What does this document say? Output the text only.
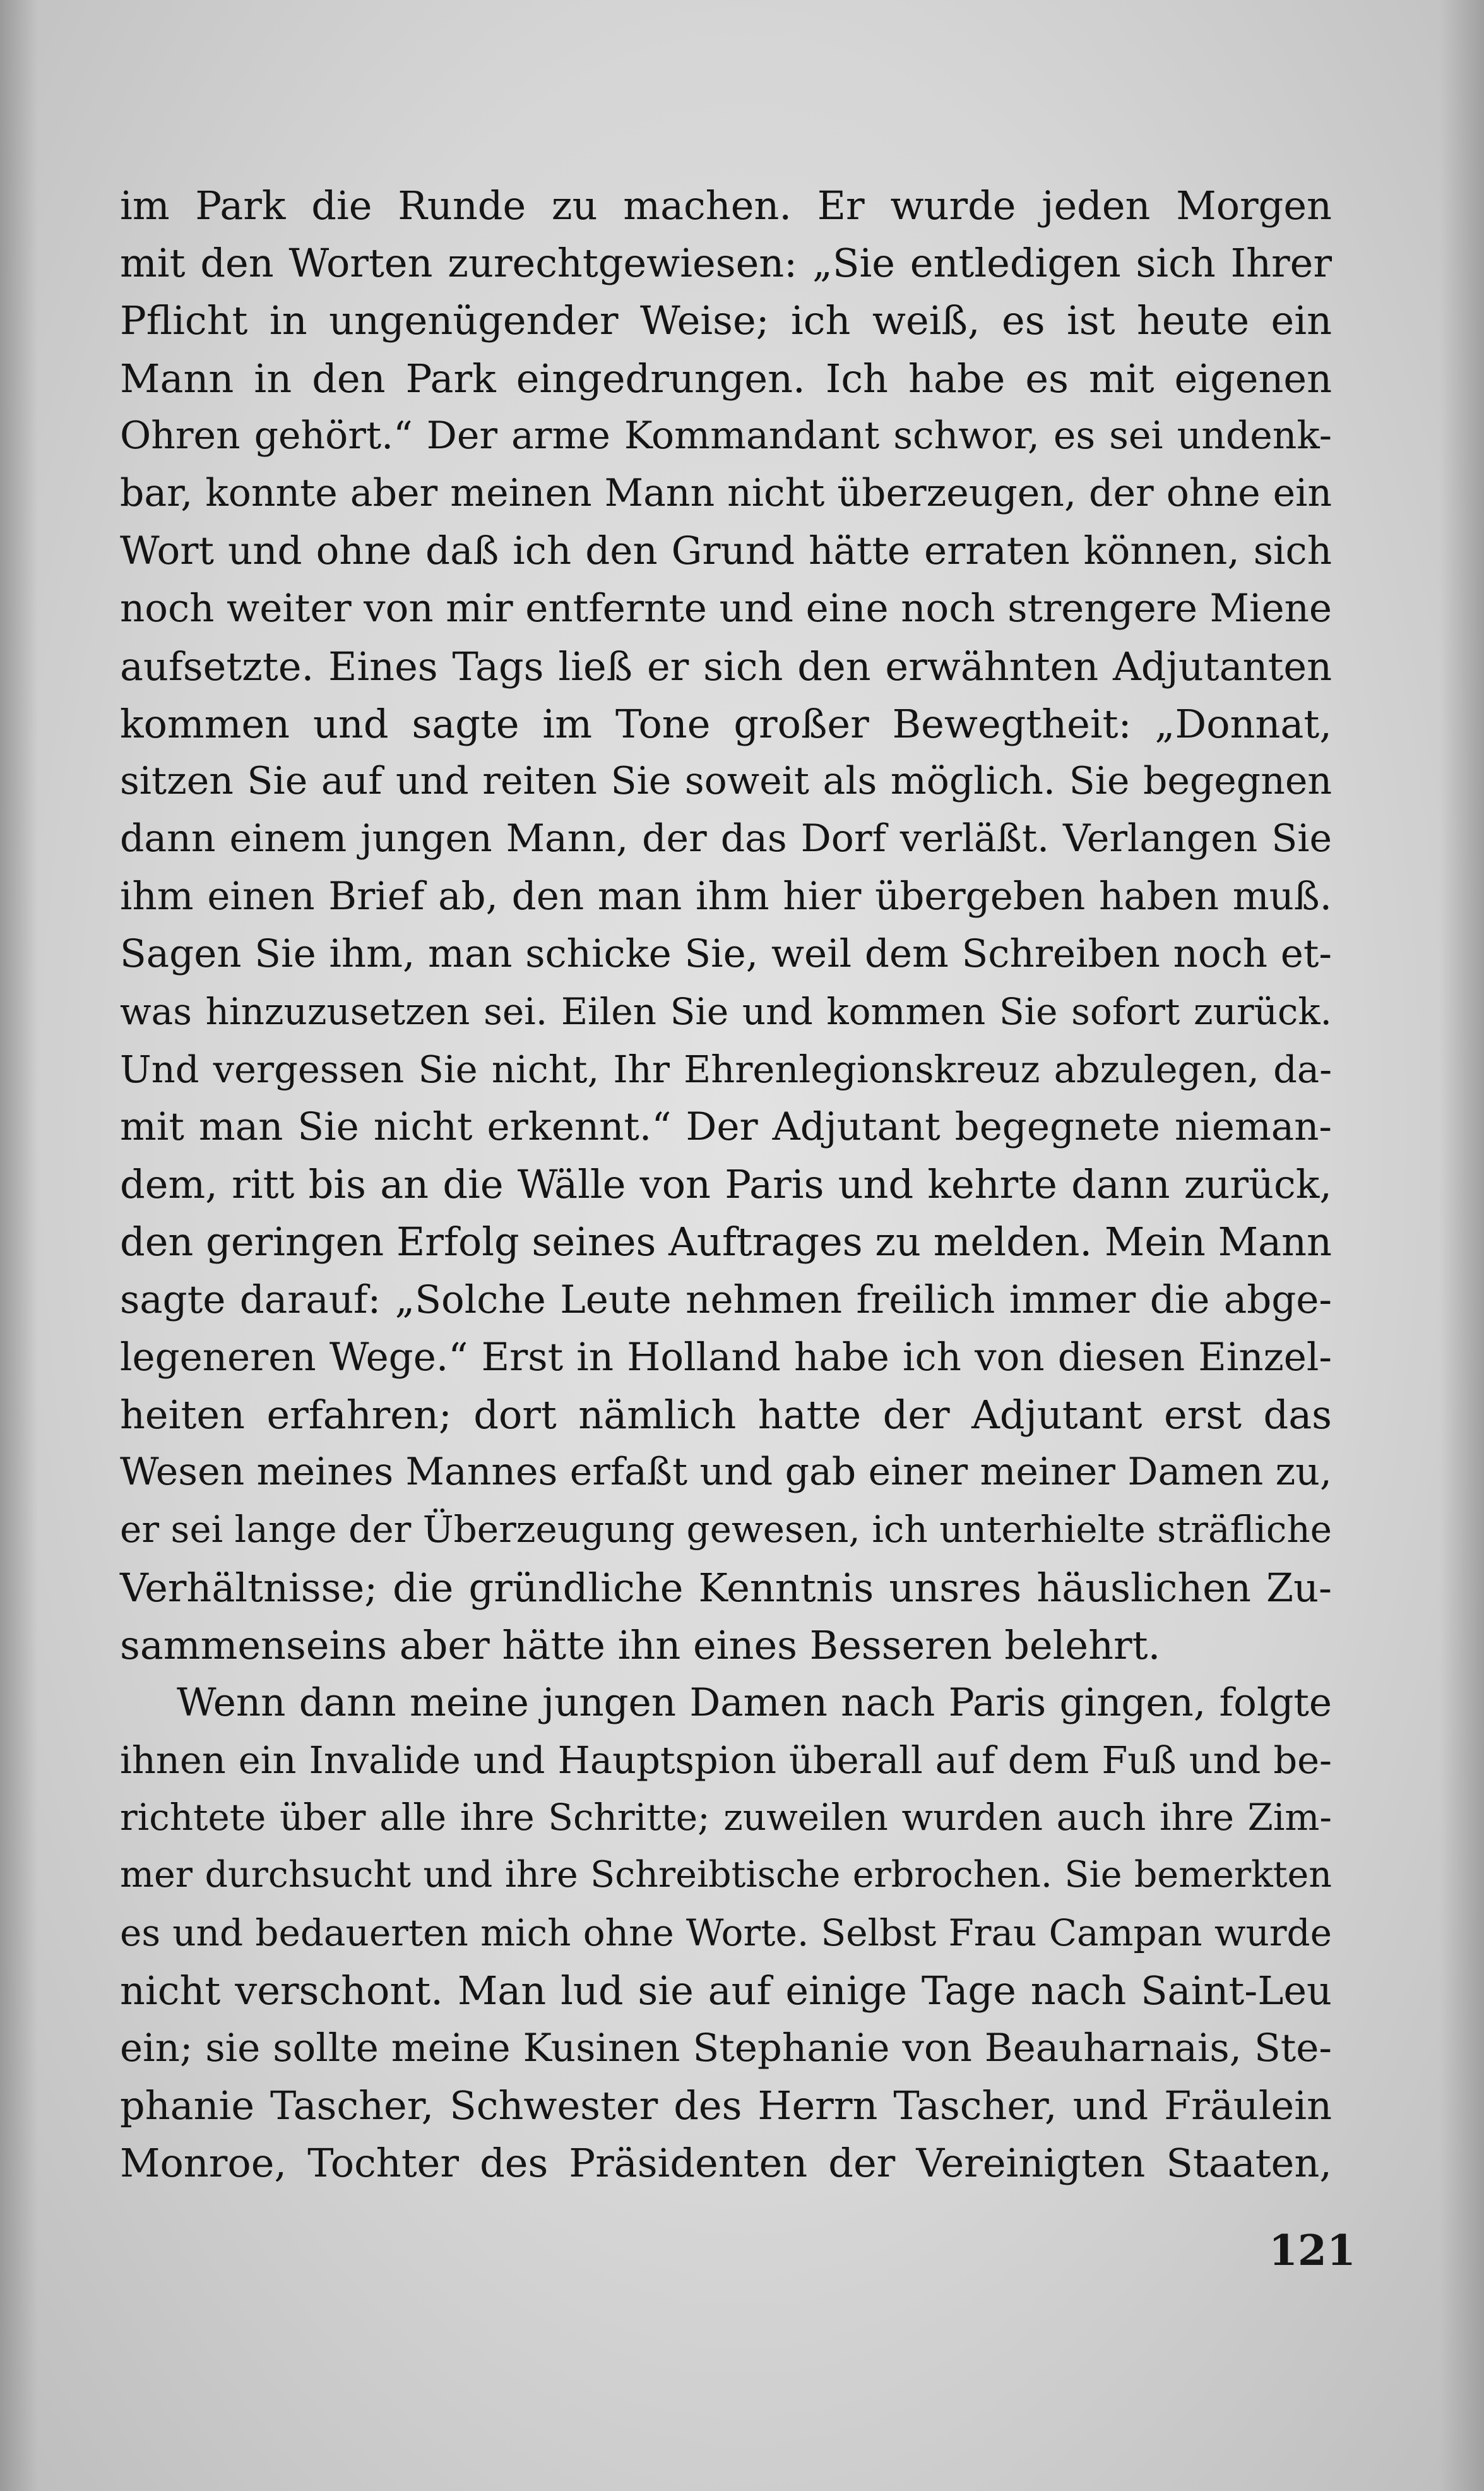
im Park die Runde zu machen. Er wurde jeden Morgen
mit den Worten zurechtgewiesen: „Sie entledigen sich Ihrer
Pflicht in ungenügender Weise; ich weiß, es ist heute ein
Mann in den Park eingedrungen. Ich habe es mit eigenen
Ohren gehört.“ Der arme Kommandant schwor, es sei undenk-
bar, konnte aber meinen Mann nicht überzeugen, der ohne ein
Wort und ohne daß ich den Grund hätte erraten können, sich
noch weiter von mir entfernte und eine noch strengere Miene
aufsetzte. Eines Tags ließ er sich den erwähnten Adjutanten
kommen und sagte im Tone großer Bewegtheit: „Donnat,
sitzen Sie auf und reiten Sie soweit als möglich. Sie begegnen
dann einem jungen Mann, der das Dorf verläßt. Verlangen Sie
ihm einen Brief ab, den man ihm hier übergeben haben muß.
Sagen Sie ihm, man schicke Sie, weil dem Schreiben noch et-
was hinzuzusetzen sei. Eilen Sie und kommen Sie sofort zurück.
Und vergessen Sie nicht, Ihr Ehrenlegionskreuz abzulegen, da-
mit man Sie nicht erkennt.“ Der Adjutant begegnete nieman-
dem, ritt bis an die Wälle von Paris und kehrte dann zurück,
den geringen Erfolg seines Auftrages zu melden. Mein Mann
sagte darauf: „Solche Leute nehmen freilich immer die abge-
legeneren Wege.“ Erst in Holland habe ich von diesen Einzel-
heiten erfahren; dort nämlich hatte der Adjutant erst das
Wesen meines Mannes erfaßt und gab einer meiner Damen zu,
er sei lange der Überzeugung gewesen, ich unterhielte sträfliche
Verhältnisse; die gründliche Kenntnis unsres häuslichen Zu-
sammenseins aber hätte ihn eines Besseren belehrt.
Wenn dann meine jungen Damen nach Paris gingen, folgte
ihnen ein Invalide und Hauptspion überall auf dem Fuß und be-
richtete über alle ihre Schritte; zuweilen wurden auch ihre Zim-
mer durchsucht und ihre Schreibtische erbrochen. Sie bemerkten
es und bedauerten mich ohne Worte. Selbst Frau Campan wurde
nicht verschont. Man lud sie auf einige Tage nach Saint-Leu
ein; sie sollte meine Kusinen Stephanie von Beauharnais, Ste-
phanie Tascher, Schwester des Herrn Tascher, und Fräulein
Monroe, Tochter des Präsidenten der Vereinigten Staaten,
121
